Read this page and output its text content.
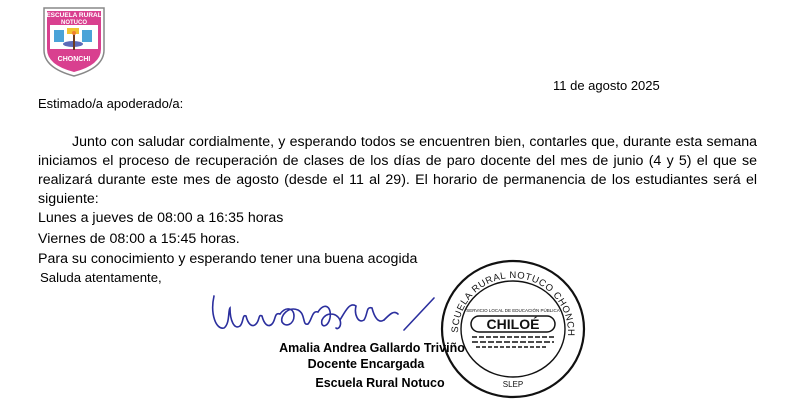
ESCUELA RURAL
NOTUCO
CHONCHI
11 de agosto 2025
Estimado/a apoderado/a:
Junto con saludar cordialmente, y esperando todos se encuentren bien, contarles que, durante esta semana iniciamos el proceso de recuperación de clases de los días de paro docente del mes de junio (4 y 5) el que se realizará durante este mes de agosto (desde el 11 al 29). El horario de permanencia de los estudiantes será el siguiente:
Lunes a jueves de 08:00 a 16:35 horas
Viernes de 08:00 a 15:45 horas.
Para su conocimiento y esperando tener una buena acogida
Saluda atentamente,
SCUELA RURAL NOTUCO CHONCH
SERVICIO LOCAL DE EDUCACIÓN PÚBLICA
CHILOÉ
SLEP
Amalia Andrea Gallardo Triviño
Docente Encargada
Escuela Rural Notuco
